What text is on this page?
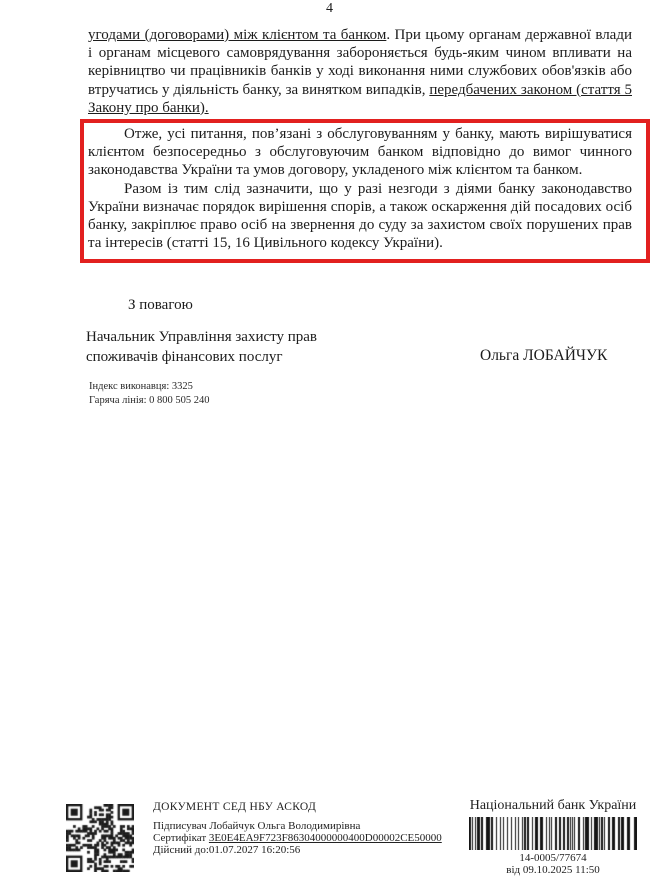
4

угодами (договорами) між клієнтом та банком. При цьому органам державної влади і органам місцевого самоврядування забороняється будь-яким чином впливати на керівництво чи працівників банків у ході виконання ними службових обов'язків або втручатись у діяльність банку, за винятком випадків, передбачених законом (стаття 5 Закону про банки).

Отже, усі питання, пов’язані з обслуговуванням у банку, мають вирішуватися клієнтом безпосередньо з обслуговуючим банком відповідно до вимог чинного законодавства України та умов договору, укладеного між клієнтом та банком.

Разом із тим слід зазначити, що у разі незгоди з діями банку законодавство України визначає порядок вирішення спорів, а також оскарження дій посадових осіб банку, закріплює право осіб на звернення до суду за захистом своїх порушених прав та інтересів (статті 15, 16 Цивільного кодексу України).

З повагою
Начальник Управління захисту прав
споживачів фінансових послуг	Ольга ЛОБАЙЧУК
Індекс виконавця: 3325
Гаряча лінія: 0 800 505 240
ДОКУМЕНТ СЕД НБУ АСКОД
Підписувач Лобайчук Ольга Володимирівна
Сертифікат 3E0E4EA9F723F86304000000400D00002CE50000
Дійсний до:01.07.2027 16:20:56
Національний банк України
14-0005/77674
від 09.10.2025 11:50
